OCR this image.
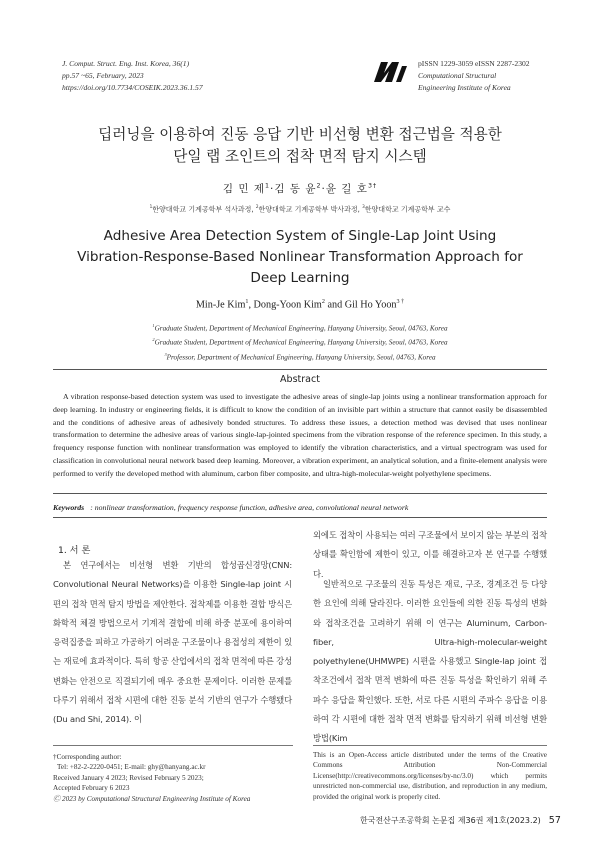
J. Comput. Struct. Eng. Inst. Korea, 36(1)
pp.57 ~65, February, 2023
https://doi.org/10.7734/COSEIK.2023.36.1.57
pISSN 1229-3059 eISSN 2287-2302
Computational Structural
Engineering Institute of Korea
딥러닝을 이용하여 진동 응답 기반 비선형 변환 접근법을 적용한
단일 랩 조인트의 접착 면적 탐지 시스템
김 민 제$^1$·김 동 윤$^2$·윤 길 호$^{3\dagger}$
$^1$한양대학교 기계공학부 석사과정, $^2$한양대학교 기계공학부 박사과정, $^3$한양대학교 기계공학부 교수
Adhesive Area Detection System of Single-Lap Joint Using
Vibration-Response-Based Nonlinear Transformation Approach for
Deep Learning
Min-Je Kim$^1$, Dong-Yoon Kim$^2$ and Gil Ho Yoon$^{3 \dagger}$
$^1$Graduate Student, Department of Mechanical Engineering, Hanyang University, Seoul, 04763, Korea
$^2$Graduate Student, Department of Mechanical Engineering, Hanyang University, Seoul, 04763, Korea
$^3$Professor, Department of Mechanical Engineering, Hanyang University, Seoul, 04763, Korea
Abstract
A vibration response-based detection system was used to investigate the adhesive areas of single-lap joints using a nonlinear transformation approach for deep learning. In industry or engineering fields, it is difficult to know the condition of an invisible part within a structure that cannot easily be disassembled and the conditions of adhesive areas of adhesively bonded structures. To address these issues, a detection method was devised that uses nonlinear transformation to determine the adhesive areas of various single-lap-jointed specimens from the vibration response of the reference specimen. In this study, a frequency response function with nonlinear transformation was employed to identify the vibration characteristics, and a virtual spectrogram was used for classification in convolutional neural network based deep learning. Moreover, a vibration experiment, an analytical solution, and a finite-element analysis were performed to verify the developed method with aluminum, carbon fiber composite, and ultra-high-molecular-weight polyethylene specimens.
Keywords : nonlinear transformation, frequency response function, adhesive area, convolutional neural network
1. 서 론
본 연구에서는 비선형 변환 기반의 합성곱신경망(CNN: Convolutional Neural Networks)을 이용한 Single-lap joint 시편의 접착 면적 탐지 방법을 제안한다. 접착제를 이용한 결합 방식은 화학적 체결 방법으로서 기계적 결합에 비해 하중 분포에 용이하여 응력집중을 피하고 가공하기 어려운 구조물이나 용접성의 제한이 있는 재료에 효과적이다. 특히 항공 산업에서의 접착 면적에 따른 강성변화는 안전으로 직결되기에 매우 중요한 문제이다. 이러한 문제를 다루기 위해서 접착 시편에 대한 진동 분석 기반의 연구가 수행됐다(Du and Shi, 2014). 이
외에도 접착이 사용되는 여러 구조물에서 보이지 않는 부분의 접착 상태를 확인함에 제한이 있고, 이를 해결하고자 본 연구를 수행했다.
일반적으로 구조물의 진동 특성은 재료, 구조, 경계조건 등 다양한 요인에 의해 달라진다. 이러한 요인들에 의한 진동 특성의 변화와 접착조건을 고려하기 위해 이 연구는 Aluminum, Carbon-fiber, Ultra-high-molecular-weight polyethylene(UHMWPE) 시편을 사용했고 Single-lap joint 접착조건에서 접착 면적 변화에 따른 진동 특성을 확인하기 위해 주파수 응답을 확인했다. 또한, 서로 다른 시편의 주파수 응답을 이용하여 각 시편에 대한 접착 면적 변화를 탐지하기 위해 비선형 변환 방법(Kim
†Corresponding author:
Tel: +82-2-2220-0451; E-mail: ghy@hanyang.ac.kr
Received January 4 2023; Revised February 5 2023;
Accepted February 6 2023
Ⓒ 2023 by Computational Structural Engineering Institute of Korea
This is an Open-Access article distributed under the terms of the Creative Commons Attribution Non-Commercial License(http://creativecommons.org/licenses/by-nc/3.0) which permits unrestricted non-commercial use, distribution, and reproduction in any medium, provided the original work is properly cited.
한국전산구조공학회 논문집 제36권 제1호(2023.2) 57
